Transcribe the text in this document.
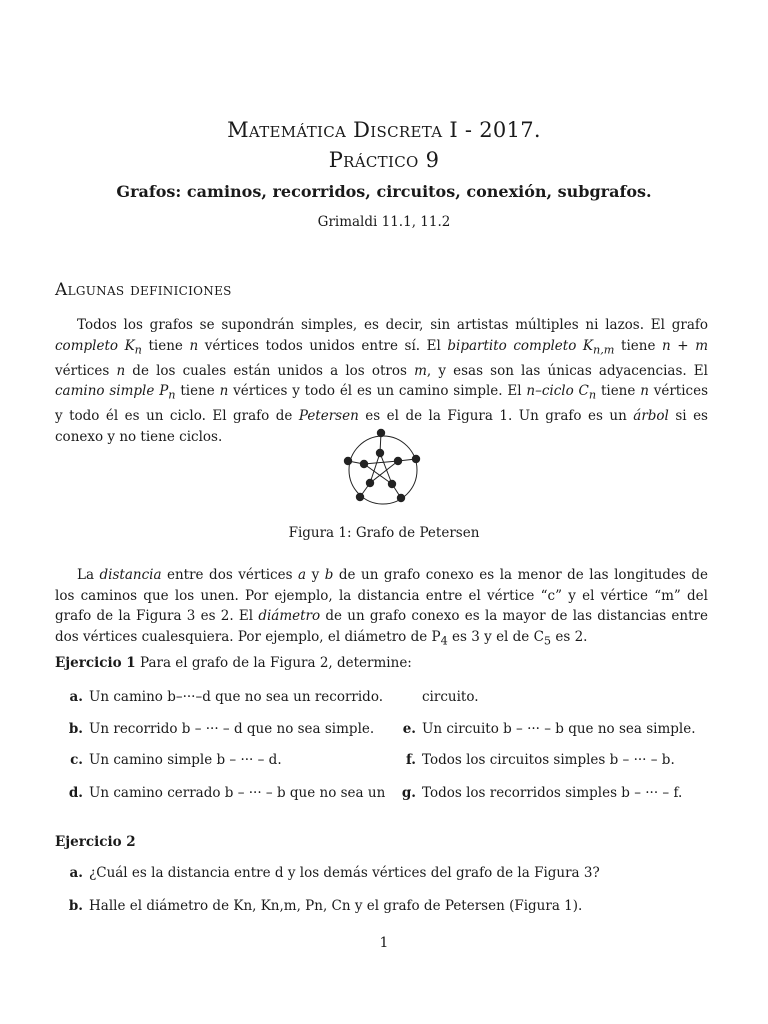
Matemática Discreta I - 2017.
Práctico 9
Grafos: caminos, recorridos, circuitos, conexión, subgrafos.
Grimaldi 11.1, 11.2
Algunas definiciones

Todos los grafos se supondrán simples, es decir, sin artistas múltiples ni lazos. El grafo completo $K_n$ tiene n vértices todos unidos entre sí. El bipartito completo $K_{n,m}$ tiene n + m vértices n de los cuales están unidos a los otros m, y esas son las únicas adyacencias. El camino simple $P_n$ tiene n vértices y todo él es un camino simple. El n–ciclo $C_n$ tiene n vértices y todo él es un ciclo. El grafo de Petersen es el de la Figura 1. Un grafo es un árbol si es conexo y no tiene ciclos.

Figura 1: Grafo de Petersen

La distancia entre dos vértices a y b de un grafo conexo es la menor de las longitudes de los caminos que los unen. Por ejemplo, la distancia entre el vértice “c” y el vértice “m” del grafo de la Figura 3 es 2. El diámetro de un grafo conexo es la mayor de las distancias entre dos vértices cualesquiera. Por ejemplo, el diámetro de $P_4$ es 3 y el de $C_5$ es 2.

Ejercicio 1 Para el grafo de la Figura 2, determine:
a. Un camino b–···–d que no sea un recorrido.
b. Un recorrido b – ··· – d que no sea simple.
c. Un camino simple b – ··· – d.
d. Un camino cerrado b – ··· – b que no sea un
circuito.
e. Un circuito b – ··· – b que no sea simple.
f. Todos los circuitos simples b – ··· – b.
g. Todos los recorridos simples b – ··· – f.
Ejercicio 2
a. ¿Cuál es la distancia entre d y los demás vértices del grafo de la Figura 3?
b. Halle el diámetro de Kn, Kn,m, Pn, Cn y el grafo de Petersen (Figura 1).
1
